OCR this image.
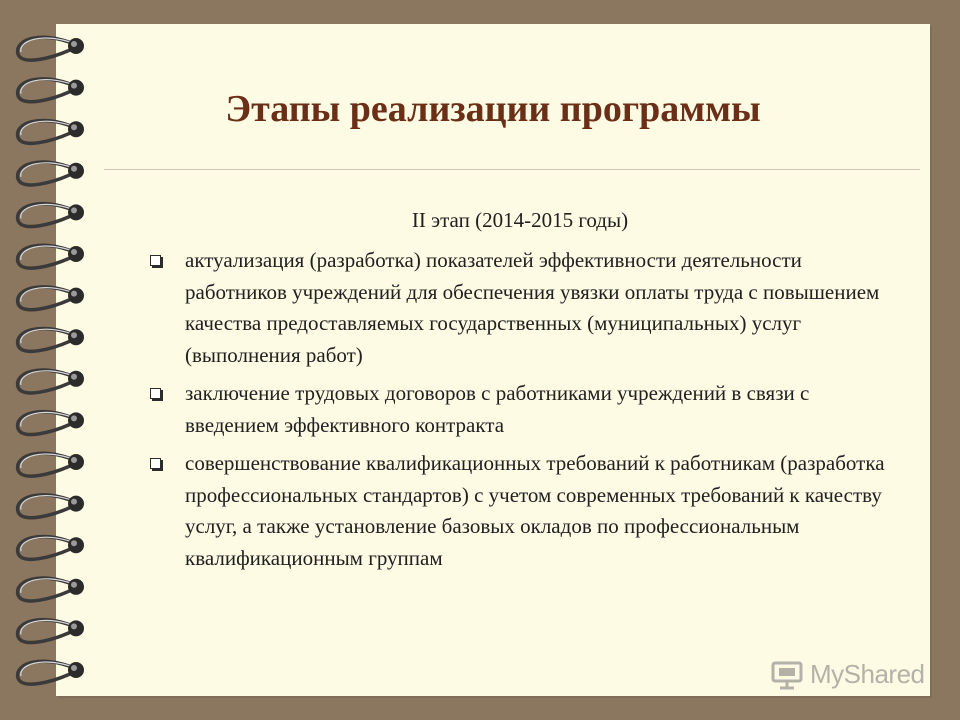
Этапы реализации программы
II этап (2014-2015 годы)
актуализация (разработка) показателей эффективности деятельности работников учреждений для обеспечения увязки оплаты труда с повышением качества предоставляемых государственных (муниципальных) услуг (выполнения работ)
заключение трудовых договоров с работниками учреждений в связи с введением эффективного контракта
совершенствование квалификационных требований к работникам (разработка профессиональных стандартов) с учетом современных требований к качеству услуг, а также установление базовых окладов по профессиональным квалификационным группам
MyShared
